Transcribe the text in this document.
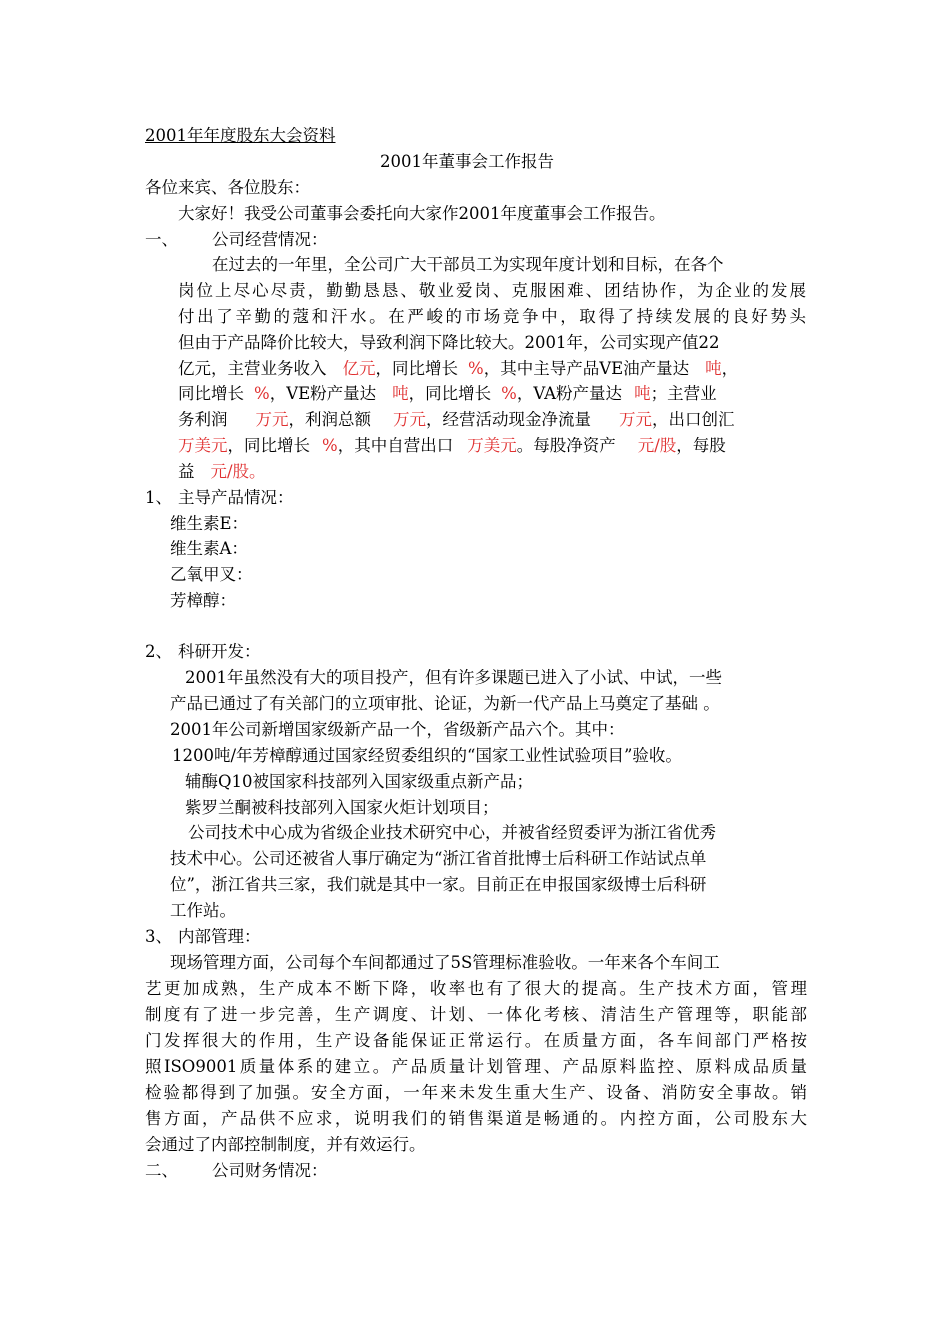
2001年年度股东大会资料
2001年董事会工作报告
各位来宾、各位股东：
大家好！我受公司董事会委托向大家作2001年度董事会工作报告。
一、 公司经营情况：
在过去的一年里，全公司广大干部员工为实现年度计划和目标，在各个
岗位上尽心尽责，勤勤恳恳、敬业爱岗、克服困难、团结协作，为企业的发展
付出了辛勤的蔻和汗水。在严峻的市场竞争中，取得了持续发展的良好势头
但由于产品降价比较大，导致利润下降比较大。2001年，公司实现产值22
亿元，主营业务收入 亿元，同比增长 %，其中主导产品VE油产量达 吨，
同比增长 %，VE粉产量达 吨，同比增长 %，VA粉产量达 吨；主营业
务利润 万元，利润总额 万元，经营活动现金净流量 万元，出口创汇
万美元，同比增长 %，其中自营出口 万美元。每股净资产 元/股，每股
益 元/股。
1、 主导产品情况：
维生素E：
维生素A：
乙氧甲叉：
芳樟醇：
2、 科研开发：
2001年虽然没有大的项目投产，但有许多课题已进入了小试、中试，一些
产品已通过了有关部门的立项审批、论证，为新一代产品上马奠定了基础 。
2001年公司新增国家级新产品一个，省级新产品六个。其中：
1200吨/年芳樟醇通过国家经贸委组织的“国家工业性试验项目”验收。
辅酶Q10被国家科技部列入国家级重点新产品；
紫罗兰酮被科技部列入国家火炬计划项目；
公司技术中心成为省级企业技术研究中心，并被省经贸委评为浙江省优秀
技术中心。公司还被省人事厅确定为“浙江省首批博士后科研工作站试点单
位”，浙江省共三家，我们就是其中一家。目前正在申报国家级博士后科研
工作站。
3、 内部管理：
现场管理方面，公司每个车间都通过了5S管理标准验收。一年来各个车间工
艺更加成熟，生产成本不断下降，收率也有了很大的提高。生产技术方面，管理
制度有了进一步完善，生产调度、计划、一体化考核、清洁生产管理等，职能部
门发挥很大的作用，生产设备能保证正常运行。在质量方面，各车间部门严格按
照ISO9001质量体系的建立。产品质量计划管理、产品原料监控、原料成品质量
检验都得到了加强。安全方面，一年来未发生重大生产、设备、消防安全事故。销
售方面，产品供不应求，说明我们的销售渠道是畅通的。内控方面，公司股东大
会通过了内部控制制度，并有效运行。
二、 公司财务情况：
